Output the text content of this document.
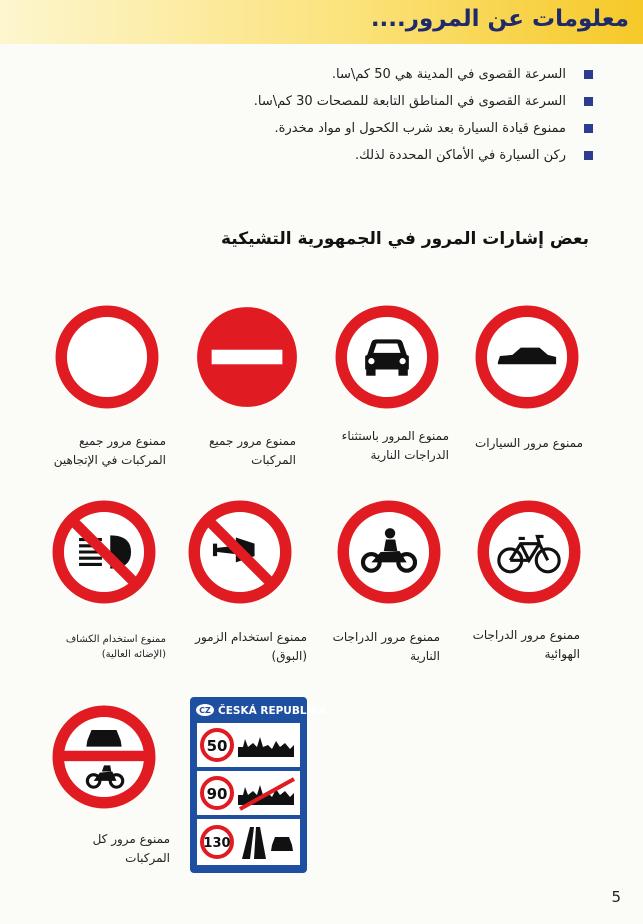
معلومات عن المرور....
السرعة القصوى في المدينة هي 50 كم\سا.
السرعة القصوى في المناطق التابعة للمصحات 30 كم\سا.
ممنوع قيادة السيارة بعد شرب الكحول او مواد مخدرة.
ركن السيارة في الأماكن المحددة لذلك.
بعض إشارات المرور في الجمهورية التشيكية
ممنوع مرور السيارات
ممنوع المرور باستثناء
الدراجات النارية
ممنوع مرور جميع
المركبات
ممنوع مرور جميع
المركبات في الإتجاهين
ممنوع مرور الدراجات
الهوائية
ممنوع مرور الدراجات
النارية
ممنوع استخدام الزمور
(البوق)
ممنوع استخدام الكشاف
(الإضائه العالية)
ممنوع مرور كل
المركبات
CZ ČESKÁ REPUBLIKA
50
90
130
5
